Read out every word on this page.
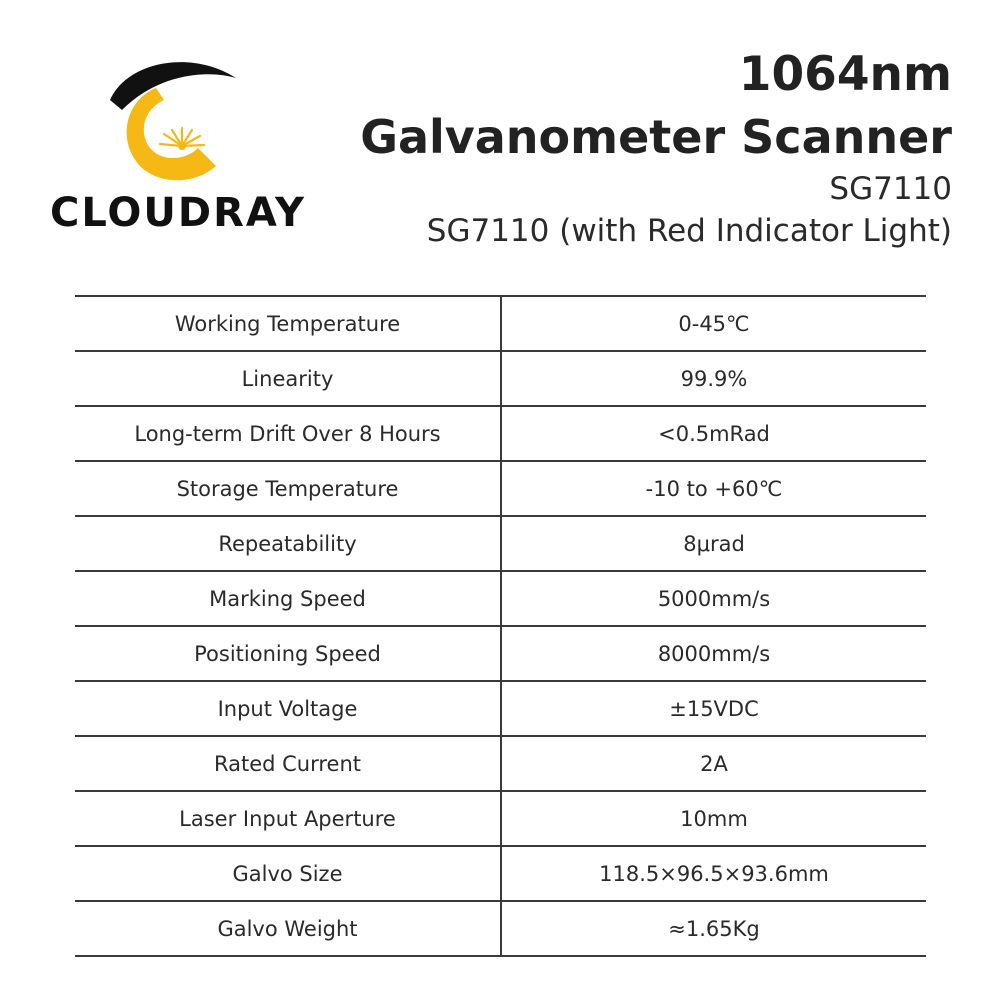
CLOUDRAY
1064nm
Galvanometer Scanner
SG7110
SG7110 (with Red Indicator Light)
Working Temperature	0-45℃
Linearity	99.9%
Long-term Drift Over 8 Hours	<0.5mRad
Storage Temperature	-10 to +60℃
Repeatability	8μrad
Marking Speed	5000mm/s
Positioning Speed	8000mm/s
Input Voltage	±15VDC
Rated Current	2A
Laser Input Aperture	10mm
Galvo Size	118.5×96.5×93.6mm
Galvo Weight	≈1.65Kg
